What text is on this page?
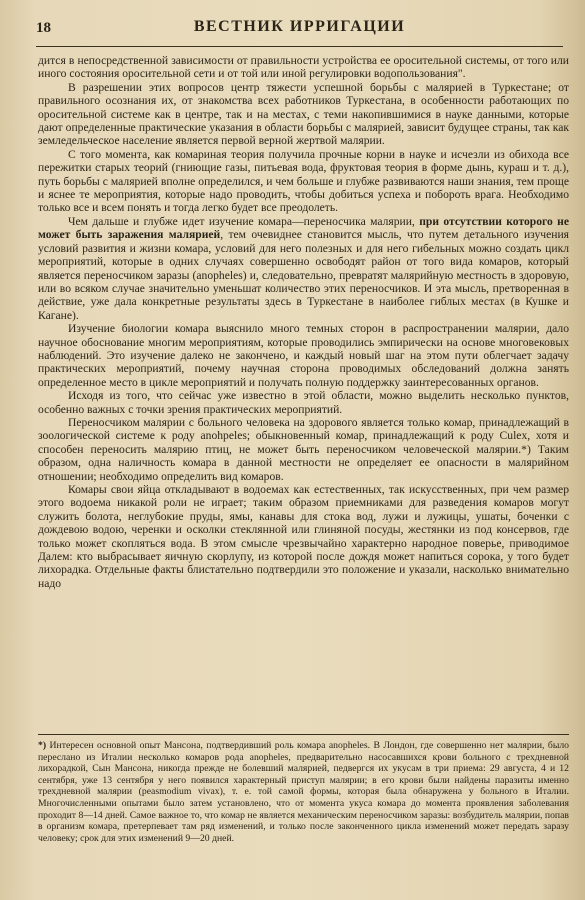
18	ВЕСТНИК ИРРИГАЦИИ

дится в непосредственной зависимости от правильности устройства ее оросительной системы, от того или иного состояния оросительной сети и от той или иной регулировки водопользования".

В разрешении этих вопросов центр тяжести успешной борьбы с малярией в Туркестане; от правильного осознания их, от знакомства всех работников Туркестана, в особенности работающих по оросительной системе как в центре, так и на местах, с теми накопившимися в науке данными, которые дают определенные практические указания в области борьбы с малярией, зависит будущее страны, так как земледельческое население является первой верной жертвой малярии.

С того момента, как комариная теория получила прочные корни в науке и исчезли из обихода все пережитки старых теорий (гниющие газы, питьевая вода, фруктовая теория в форме дынь, кураш и т. д.), путь борьбы с малярией вполне определился, и чем больше и глубже развиваются наши знания, тем проще и яснее те мероприятия, которые надо проводить, чтобы добиться успеха и побороть врага. Необходимо только все и всем понять и тогда легко будет все преодолеть.

Чем дальше и глубже идет изучение комара—переносчика малярии, при отсутствии которого не может быть заражения малярией, тем очевиднее становится мысль, что путем детального изучения условий развития и жизни комара, условий для него полезных и для него гибельных можно создать цикл мероприятий, которые в одних случаях совершенно освободят район от того вида комаров, который является переносчиком заразы (anopheles) и, следовательно, превратят малярийную местность в здоровую, или во всяком случае значительно уменьшат количество этих переносчиков. И эта мысль, претворенная в действие, уже дала конкретные результаты здесь в Туркестане в наиболее гиблых местах (в Кушке и Кагане).

Изучение биологии комара выяснило много темных сторон в распространении малярии, дало научное обоснование многим мероприятиям, которые проводились эмпирически на основе многовековых наблюдений. Это изучение далеко не закончено, и каждый новый шаг на этом пути облегчает задачу практических мероприятий, почему научная сторона проводимых обследований должна занять определенное место в цикле мероприятий и получать полную поддержку заинтересованных органов.

Исходя из того, что сейчас уже известно в этой области, можно выделить несколько пунктов, особенно важных с точки зрения практических мероприятий.

Переносчиком малярии с больного человека на здорового является только комар, принадлежащий в зоологической системе к роду anohpeles; обыкновенный комар, принадлежащий к роду Culex, хотя и способен переносить малярию птиц, не может быть переносчиком человеческой малярии.*) Таким образом, одна наличность комара в данной местности не определяет ее опасности в малярийном отношении; необходимо определить вид комаров.

Комары свои яйца откладывают в водоемах как естественных, так искусственных, при чем размер этого водоема никакой роли не играет; таким образом приемниками для разведения комаров могут служить болота, неглубокие пруды, ямы, канавы для стока вод, лужи и лужицы, ушаты, боченки с дождевою водою, черенки и осколки стеклянной или глиняной посуды, жестянки из под консервов, где только может скопляться вода. В этом смысле чрезвычайно характерно народное поверье, приводимое Далем: кто выбрасывает яичную скорлупу, из которой после дождя может напиться сорока, у того будет лихорадка. Отдельные факты блистательно подтвердили это положение и указали, насколько внимательно надо

*) Интересен основной опыт Мансона, подтвердивший роль комара anopheles. В Лондон, где совершенно нет малярии, было переслано из Италии несколько комаров рода anopheles, предварительно насосавшихся крови больного с трехдневной лихорадкой, Сын Мансона, никогда прежде не болевший малярией, педвергся их укусам в три приема: 29 августа, 4 и 12 сентября, уже 13 сентября у него появился характерный приступ малярии; в его крови были найдены паразиты именно трехдневной малярии (peasmodium vivax), т. е. той самой формы, которая была обнаружена у больного в Италии. Многочисленными опытами было затем установлено, что от момента укуса комара до момента проявления заболевания проходит 8—14 дней. Самое важное то, что комар не является механическим переносчиком заразы: возбудитель малярии, попав в организм комара, претерпевает там ряд изменений, и только после законченного цикла изменений может передать заразу человеку; срок для этих изменений 9—20 дней.
